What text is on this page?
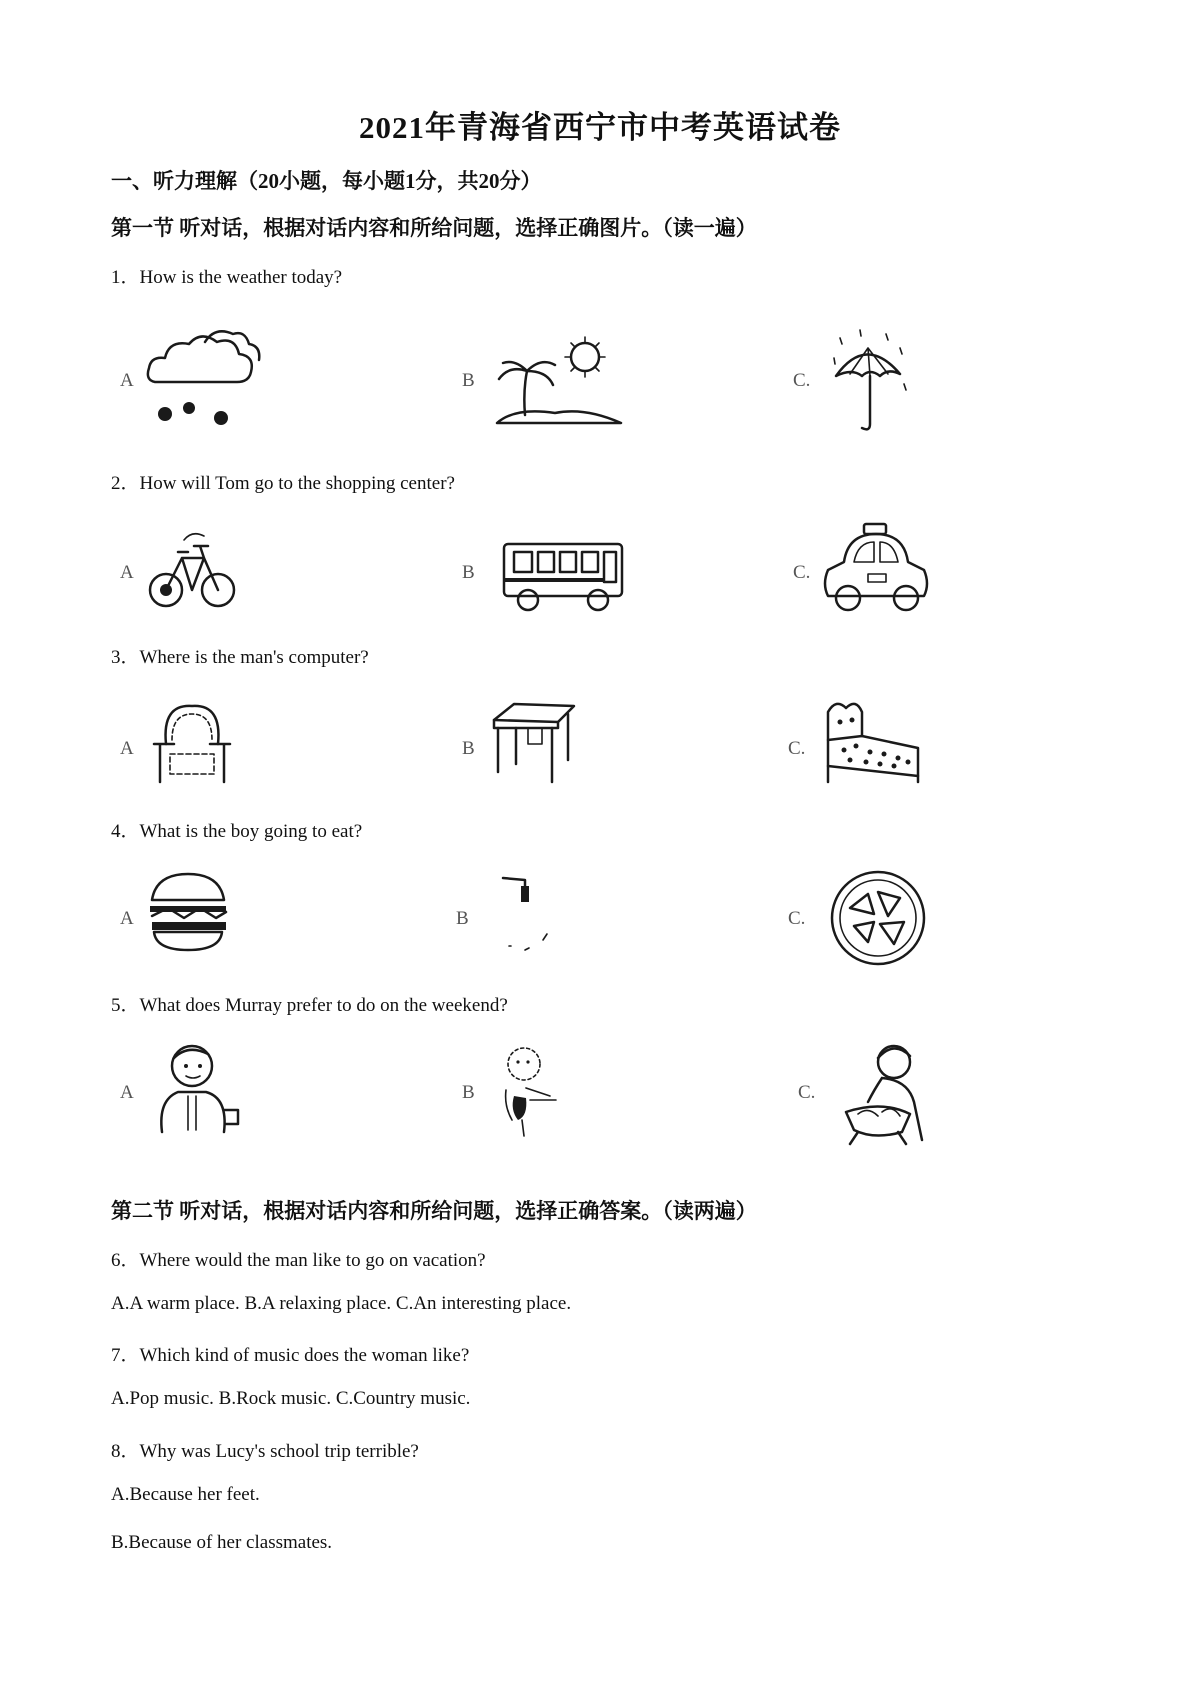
2021年青海省西宁市中考英语试卷
一、听力理解（20小题，每小题1分，共20分）
第一节 听对话，根据对话内容和所给问题，选择正确图片。（读一遍）
1．How is the weather today?
A	B	C.
2．How will Tom go to the shopping center?
A	B	C.
3．Where is the man's computer?
A	B	C.
4．What is the boy going to eat?
A	B	C.
5．What does Murray prefer to do on the weekend?
A	B	C.
第二节 听对话，根据对话内容和所给问题，选择正确答案。（读两遍）
6．Where would the man like to go on vacation?
A.A warm place. B.A relaxing place. C.An interesting place.
7．Which kind of music does the woman like?
A.Pop music. B.Rock music. C.Country music.
8．Why was Lucy's school trip terrible?
A.Because her feet.
B.Because of her classmates.
